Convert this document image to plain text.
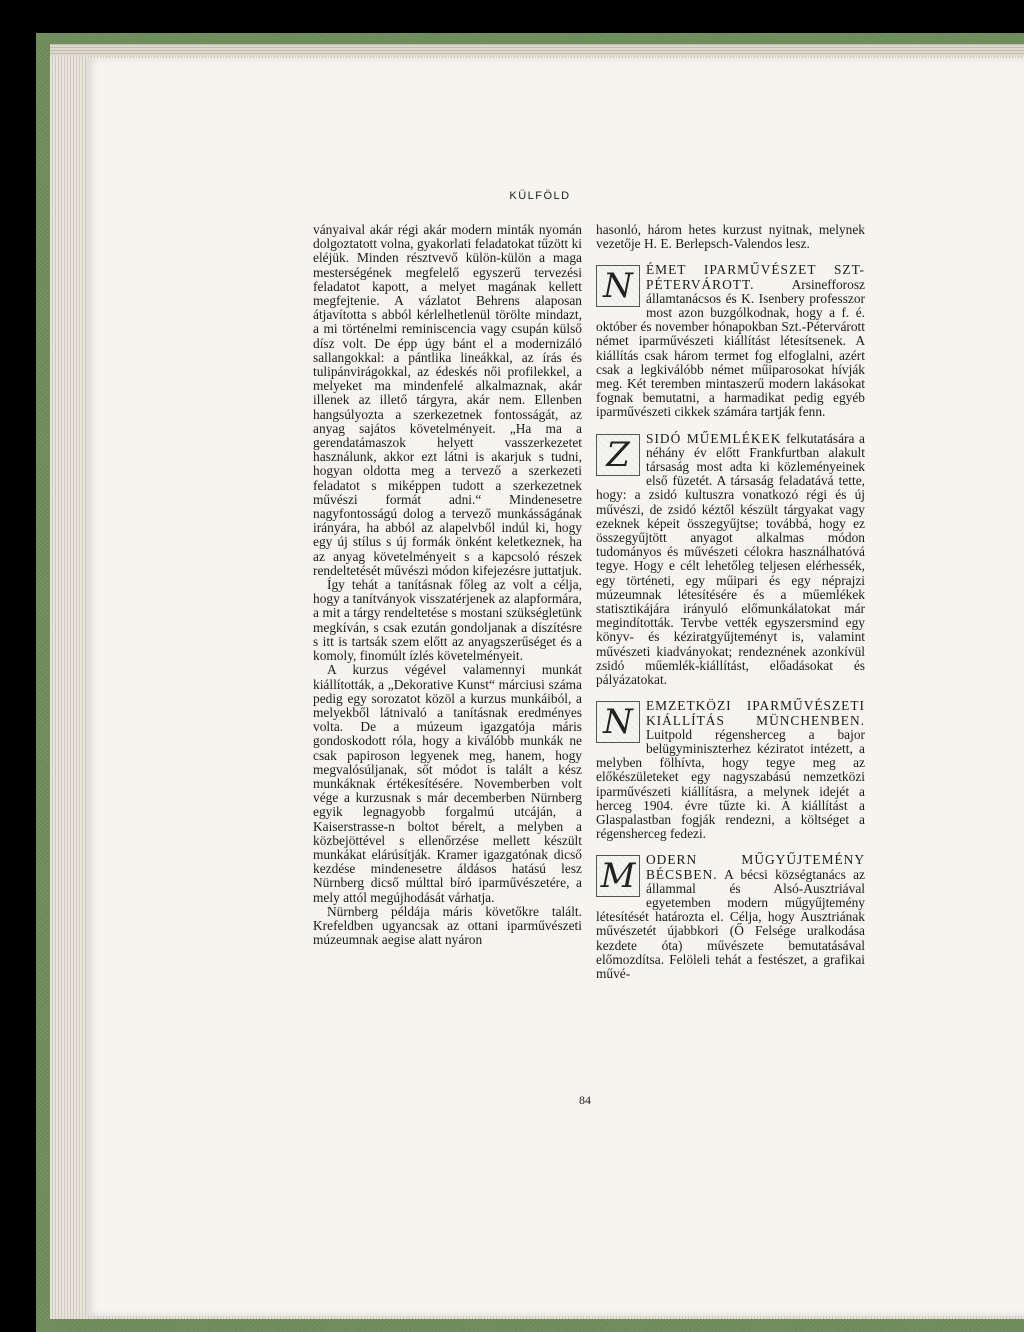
KÜLFÖLD

ványaival akár régi akár modern minták nyomán dolgoztatott volna, gyakorlati feladatokat tűzött ki eléjük. Minden résztvevő külön-külön a maga mesterségének megfelelő egyszerű tervezési feladatot kapott, a melyet magának kellett megfejtenie. A vázlatot Behrens alaposan átjavította s abból kérlelhetlenül törölte mindazt, a mi történelmi reminiscencia vagy csupán külső dísz volt. De épp úgy bánt el a modernizáló sallangokkal: a pántlika lineákkal, az írás és tulipánvirágokkal, az édeskés női profilekkel, a melyeket ma mindenfelé alkalmaznak, akár illenek az illető tárgyra, akár nem. Ellenben hangsúlyozta a szerkezetnek fontosságát, az anyag sajátos követelményeit. „Ha ma a gerendatámaszok helyett vasszerkezetet használunk, akkor ezt látni is akarjuk s tudni, hogyan oldotta meg a tervező a szerkezeti feladatot s miképpen tudott a szerkezetnek művészi formát adni.“ Mindenesetre nagyfontosságú dolog a tervező munkásságának irányára, ha abból az alapelvből indúl ki, hogy egy új stílus s új formák önként keletkeznek, ha az anyag követelményeit s a kapcsoló részek rendeltetését művészi módon kifejezésre juttatjuk.

Így tehát a tanításnak főleg az volt a célja, hogy a tanítványok visszatérjenek az alapformára, a mit a tárgy rendeltetése s mostani szükségletünk megkíván, s csak ezután gondoljanak a díszítésre s itt is tartsák szem előtt az anyagszerűséget és a komoly, finomúlt ízlés követelményeit.

A kurzus végével valamennyi munkát kiállították, a „Dekorative Kunst“ márciusi száma pedig egy sorozatot közöl a kurzus munkáiból, a melyekből látnivaló a tanításnak eredményes volta. De a múzeum igazgatója máris gondoskodott róla, hogy a kiválóbb munkák ne csak papiroson legyenek meg, hanem, hogy megvalósúljanak, sőt módot is talált a kész munkáknak értékesítésére. Novemberben volt vége a kurzusnak s már decemberben Nürnberg egyik legnagyobb forgalmú utcáján, a Kaiserstrasse-n boltot bérelt, a melyben a közbejöttével s ellenőrzése mellett készült munkákat elárúsítják. Kramer igazgatónak dicső kezdése mindenesetre áldásos hatású lesz Nürnberg dicső múlttal bíró iparművészetére, a mely attól megújhodását várhatja.

Nürnberg példája máris követőkre talált. Krefeldben ugyancsak az ottani iparművészeti múzeumnak aegise alatt nyáron

hasonló, három hetes kurzust nyitnak, melynek vezetője H. E. Berlepsch-Valendos lesz.

N ÉMET IPARMŰVÉSZET SZT-PÉTERVÁROTT.	Arsinefforosz államtanácsos és K. Isenbery professzor most azon buzgólkodnak, hogy a f. é. október és november hónapokban Szt.-Pétervárott német iparművészeti kiállítást létesítsenek. A kiállítás csak három termet fog elfoglalni, azért csak a legkiválóbb német műiparosokat hívják meg. Két teremben mintaszerű modern lakásokat fognak bemutatni, a harmadikat pedig egyéb iparművészeti cikkek számára tartják fenn.

Z	SIDÓ MŰEMLÉKEK felkutatására a néhány év előtt Frankfurtban alakult társaság most adta ki közleményeinek első füzetét. A társaság feladatává tette, hogy: a zsidó kultuszra vonatkozó régi és új művészi, de zsidó kéztől készült tárgyakat vagy ezeknek képeit összegyűjtse; továbbá, hogy ez összegyűjtött anyagot alkalmas módon tudományos és művészeti célokra használhatóvá tegye. Hogy e célt lehetőleg teljesen elérhessék, egy történeti, egy műipari és egy néprajzi múzeumnak létesítésére és a műemlékek statisztikájára irányuló előmunkálatokat már megindították. Tervbe vették egyszersmind egy könyv- és kéziratgyűjteményt is, valamint művészeti kiadványokat; rendeznének azonkívül zsidó műemlék-kiállítást, előadásokat és pályázatokat.

N EMZETKÖZI IPARMŰVÉSZETI KIÁLLÍTÁS MÜNCHENBEN. Luitpold régensherceg a bajor belügyminiszterhez kéziratot intézett, a melyben fölhívta, hogy tegye meg az előkészületeket egy nagyszabású nemzetközi iparművészeti kiállításra, a melynek idejét a herceg 1904. évre tűzte ki. A kiállítást a Glaspalastban fogják rendezni, a költséget a régensherceg fedezi.

M ODERN MŰGYŰJTEMÉNY BÉCSBEN. A bécsi községtanács az állammal és Alsó-Ausztriával egyetemben modern műgyűjtemény létesítését határozta el. Célja, hogy Ausztriának művészetét újabbkori (Ő Felsége uralkodása kezdete óta) művészete bemutatásával előmozdítsa. Felöleli tehát a festészet, a grafikai művé-

84
